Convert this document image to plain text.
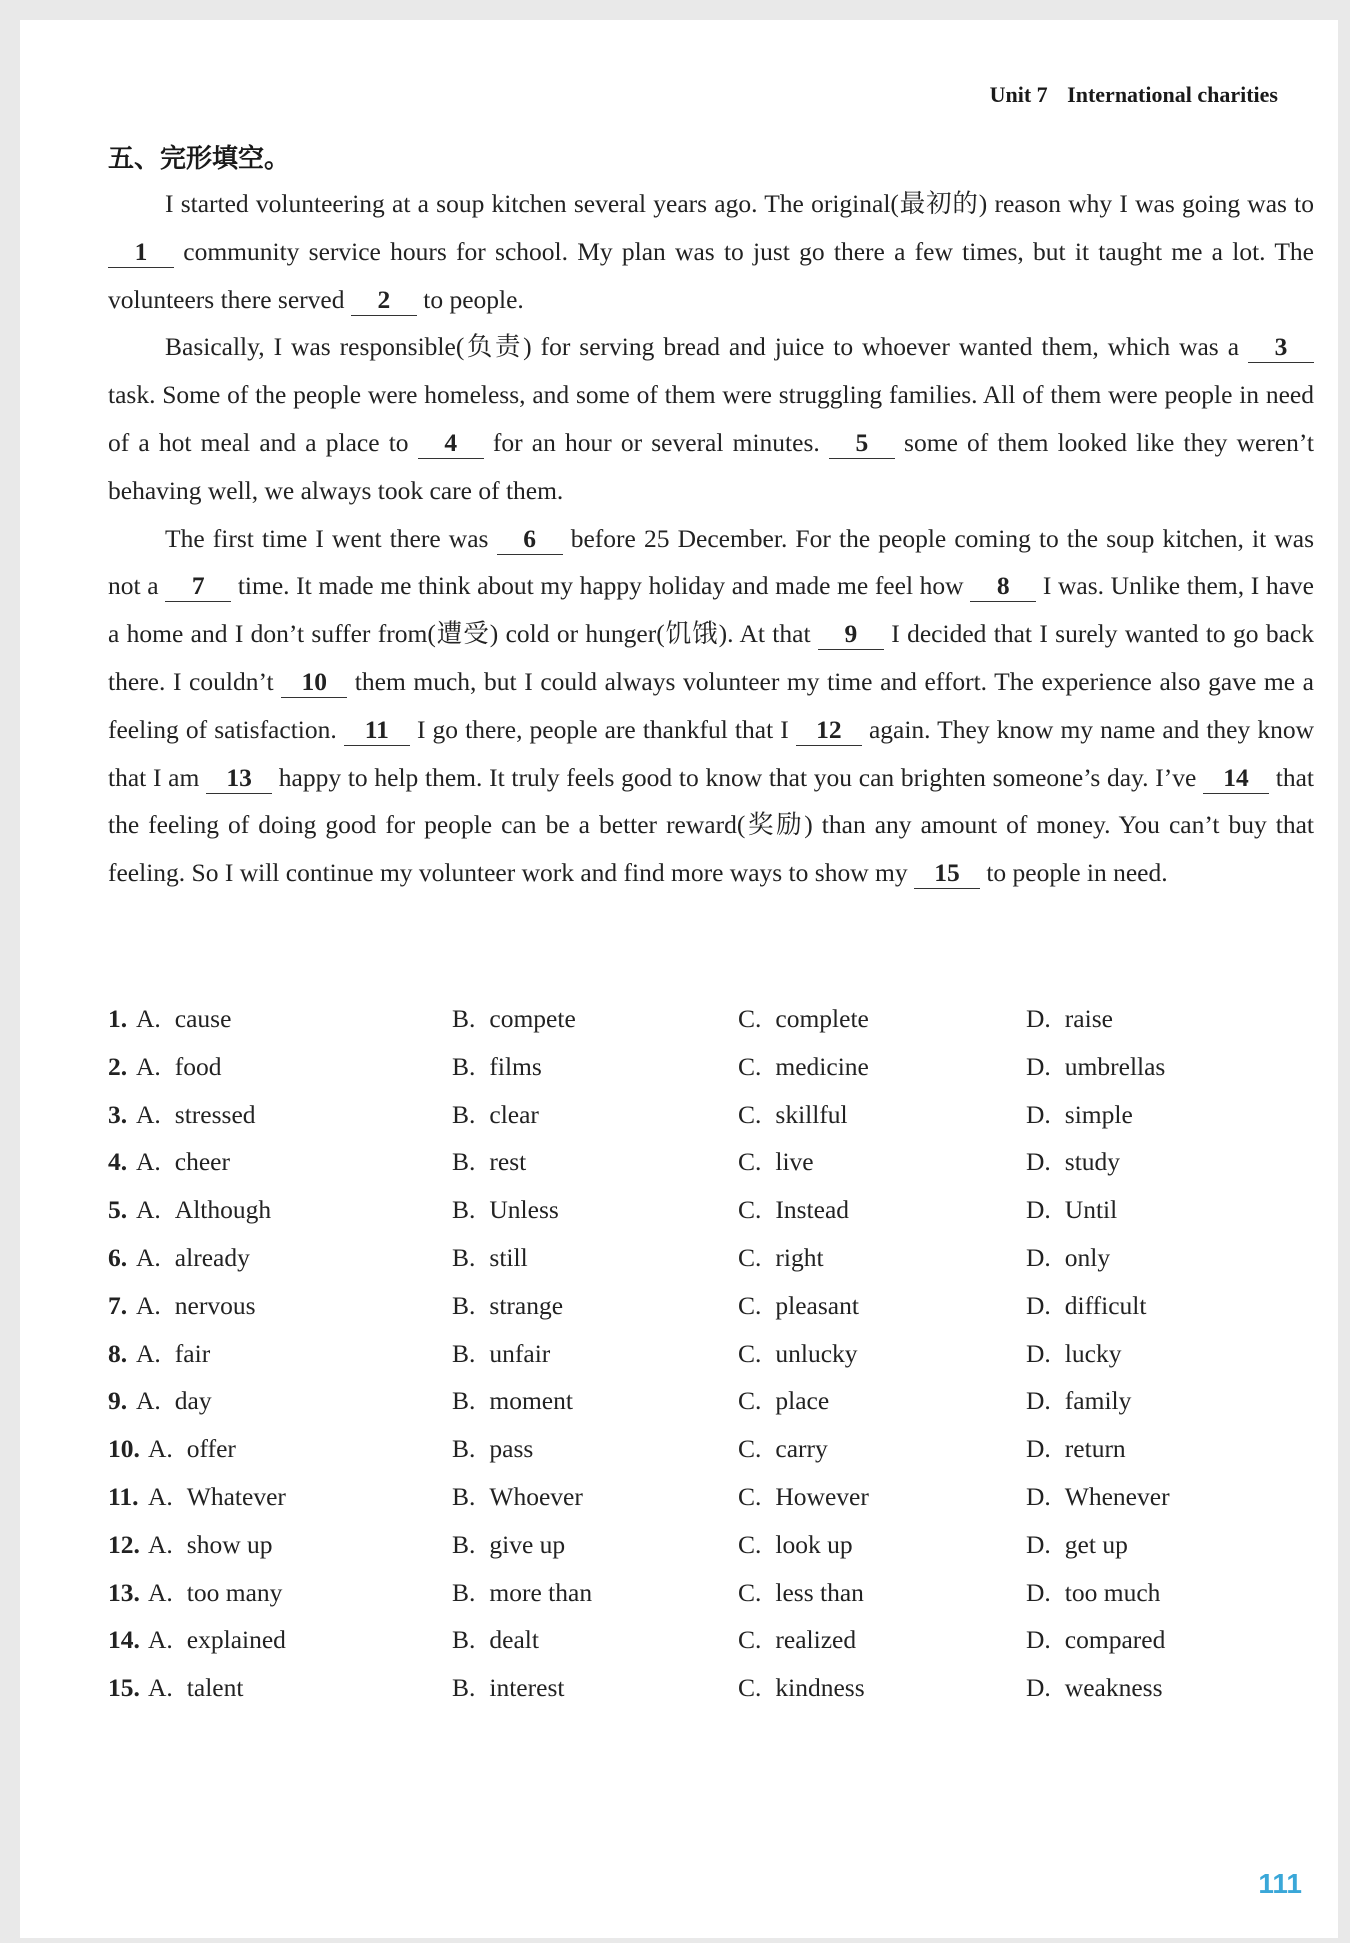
Unit 7 International charities
五、完形填空。

I started volunteering at a soup kitchen several years ago. The original(最初的) reason why I was going was to 1 community service hours for school. My plan was to just go there a few times, but it taught me a lot. The volunteers there served 2 to people.

Basically, I was responsible(负责) for serving bread and juice to whoever wanted them, which was a 3 task. Some of the people were homeless, and some of them were struggling families. All of them were people in need of a hot meal and a place to 4 for an hour or several minutes. 5 some of them looked like they weren’t behaving well, we always took care of them.

The first time I went there was 6 before 25 December. For the people coming to the soup kitchen, it was not a 7 time. It made me think about my happy holiday and made me feel how 8 I was. Unlike them, I have a home and I don’t suffer from(遭受) cold or hunger(饥饿). At that 9 I decided that I surely wanted to go back there. I couldn’t 10 them much, but I could always volunteer my time and effort. The experience also gave me a feeling of satisfaction. 11 I go there, people are thankful that I 12 again. They know my name and they know that I am 13 happy to help them. It truly feels good to know that you can brighten someone’s day. I’ve 14 that the feeling of doing good for people can be a better reward(奖励) than any amount of money. You can’t buy that feeling. So I will continue my volunteer work and find more ways to show my 15 to people in need.

1. A. cause	B. compete	C. complete	D. raise
2. A. food	B. films	C. medicine	D. umbrellas
3. A. stressed	B. clear	C. skillful	D. simple
4. A. cheer	B. rest	C. live	D. study
5. A. Although	B. Unless	C. Instead	D. Until
6. A. already	B. still	C. right	D. only
7. A. nervous	B. strange	C. pleasant	D. difficult
8. A. fair	B. unfair	C. unlucky	D. lucky
9. A. day	B. moment	C. place	D. family
10. A. offer	B. pass	C. carry	D. return
11. A. Whatever	B. Whoever	C. However	D. Whenever
12. A. show up	B. give up	C. look up	D. get up
13. A. too many	B. more than	C. less than	D. too much
14. A. explained	B. dealt	C. realized	D. compared
15. A. talent	B. interest	C. kindness	D. weakness
111
